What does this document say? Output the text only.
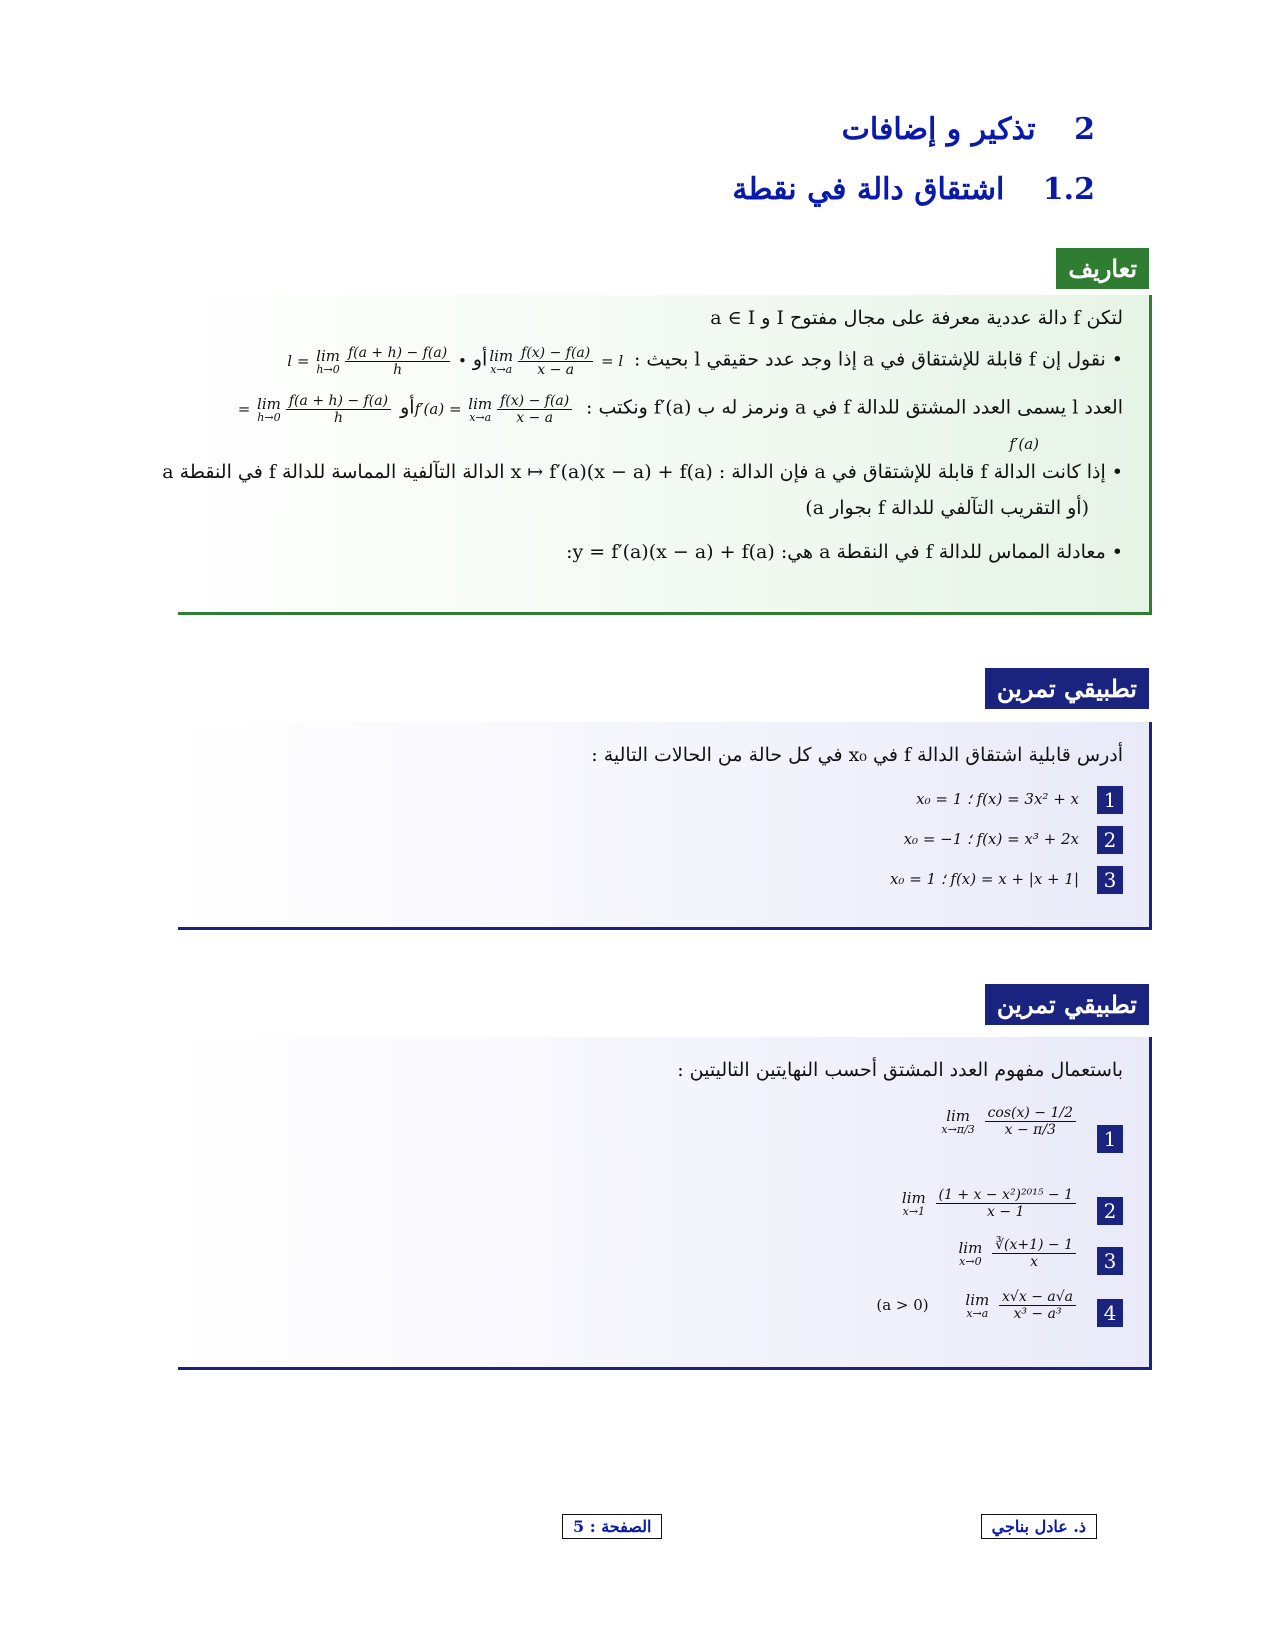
2 تذكير و إضافات
1.2 اشتقاق دالة في نقطة
تعاريف
لتكن f دالة عددية معرفة على مجال مفتوح I و a ∈ I
• نقول إن f قابلة للإشتقاق في a إذا وجد عدد حقيقي l بحيث : lim
$x\to a \frac{f(x) - f(a)}{x - a} = l$ أو l = lim
$h\to 0 \frac{f(a + h) - f(a)}{h}$ •
العدد l يسمى العدد المشتق للدالة f في a ونرمز له ب f′(a) ونكتب : f′(a) = lim
$x\to a \frac{f(x) - f(a)}{x - a}$
أو = lim
$h\to 0 \frac{f(a + h) - f(a)}{h}$
f′(a)
• إذا كانت الدالة f قابلة للإشتقاق في a فإن الدالة : x ↦ f′(a)(x − a) + f(a) الدالة التآلفية المماسة للدالة f في النقطة a
(أو التقريب التآلفي للدالة f بجوار a)
• معادلة المماس للدالة f في النقطة a هي: y = f′(a)(x − a) + f(a):
تطبيقي تمرين
أدرس قابلية اشتقاق الدالة f في x₀ في كل حالة من الحالات التالية :
1
x₀ = 1 ؛ f(x) = 3x² + x
2
x₀ = −1 ؛ f(x) = x³ + 2x
3
x₀ = 1 ؛ f(x) = x + |x + 1|
تطبيقي تمرين
باستعمال مفهوم العدد المشتق أحسب النهايتين التاليتين :
1
lim
x→π/3
$\frac{\cos(x) - 1/2}{x - \pi/3}$
2
lim
x→1
$\frac{\text{(1 + x − x²)²⁰¹⁵ − 1}}{x - 1}$
3
lim
x→0
$\frac{∛(x+1) - 1}{x}$
4
(a > 0) lim
x→a
$\frac{x√x - a√a}{\text{x³ − a³}}$
الصفحة : 5	ذ. عادل بناجي
